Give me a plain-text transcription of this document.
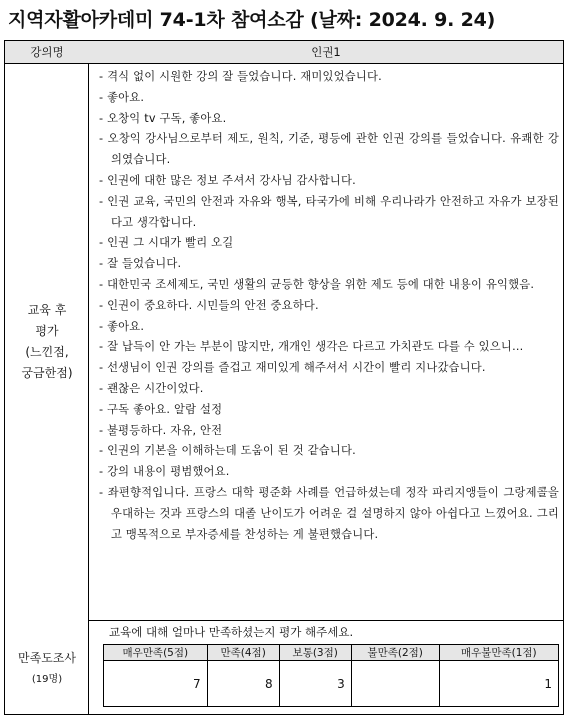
지역자활아카데미 74-1차 참여소감 (날짜: 2024. 9. 24)
강의명	인권1
교육 후
평가
(느낀점,
궁금한점)
- 격식 없이 시원한 강의 잘 들었습니다. 재미있었습니다.
- 좋아요.
- 오창익 tv 구독, 좋아요.
- 오창익 강사님으로부터 제도, 원칙, 기준, 평등에 관한 인권 강의를 들었습니다. 유쾌한 강의였습니다.
- 인권에 대한 많은 정보 주셔서 강사님 감사합니다.
- 인권 교육, 국민의 안전과 자유와 행복, 타국가에 비해 우리나라가 안전하고 자유가 보장된다고 생각합니다.
- 인권 그 시대가 빨리 오길
- 잘 들었습니다.
- 대한민국 조세제도, 국민 생활의 균등한 향상을 위한 제도 등에 대한 내용이 유익했음.
- 인권이 중요하다. 시민들의 안전 중요하다.
- 좋아요.
- 잘 납득이 안 가는 부분이 많지만, 개개인 생각은 다르고 가치관도 다를 수 있으니…
- 선생님이 인권 강의를 즐겁고 재미있게 해주셔서 시간이 빨리 지나갔습니다.
- 괜찮은 시간이었다.
- 구독 좋아요. 알람 설정
- 불평등하다. 자유, 안전
- 인권의 기본을 이해하는데 도움이 된 것 같습니다.
- 강의 내용이 평범했어요.
- 좌편향적입니다. 프랑스 대학 평준화 사례를 언급하셨는데 정작 파리지앵들이 그랑제콜을 우대하는 것과 프랑스의 대졸 난이도가 어려운 걸 설명하지 않아 아쉽다고 느꼈어요. 그리고 맹목적으로 부자증세를 찬성하는 게 불편했습니다.
만족도조사
(19명)
교육에 대해 얼마나 만족하셨는지 평가 해주세요.
매우만족(5점)	만족(4점)	보통(3점)	불만족(2점)	매우불만족(1점)
7	8	3		1
